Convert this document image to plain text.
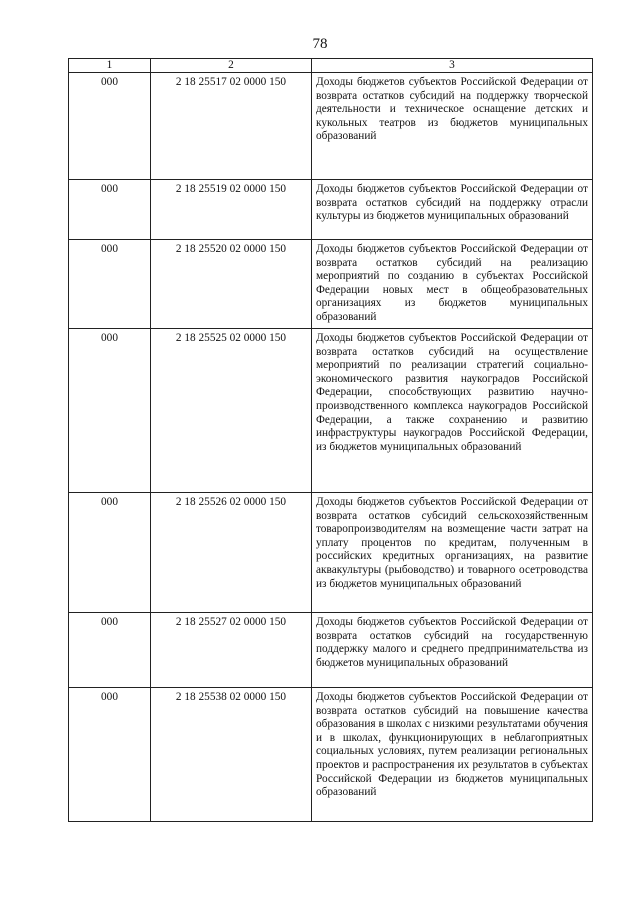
78
1	2	3
000	2 18 25517 02 0000 150	Доходы бюджетов субъектов Российской Федерации от возврата остатков субсидий на поддержку творческой деятельности и техническое оснащение детских и кукольных театров из бюджетов муниципальных образований
000	2 18 25519 02 0000 150	Доходы бюджетов субъектов Российской Федерации от возврата остатков субсидий на поддержку отрасли культуры из бюджетов муниципальных образований
000	2 18 25520 02 0000 150	Доходы бюджетов субъектов Российской Федерации от возврата остатков субсидий на реализацию мероприятий по созданию в субъектах Российской Федерации новых мест в общеобразовательных организациях из бюджетов муниципальных образований
000	2 18 25525 02 0000 150	Доходы бюджетов субъектов Российской Федерации от возврата остатков субсидий на осуществление мероприятий по реализации стратегий социально-экономического развития наукоградов Российской Федерации, способствующих развитию научно-производственного комплекса наукоградов Российской Федерации, а также сохранению и развитию инфраструктуры наукоградов Российской Федерации, из бюджетов муниципальных образований
000	2 18 25526 02 0000 150	Доходы бюджетов субъектов Российской Федерации от возврата остатков субсидий сельскохозяйственным товаропроизводителям на возмещение части затрат на уплату процентов по кредитам, полученным в российских кредитных организациях, на развитие аквакультуры (рыбоводство) и товарного осетроводства из бюджетов муниципальных образований
000	2 18 25527 02 0000 150	Доходы бюджетов субъектов Российской Федерации от возврата остатков субсидий на государственную поддержку малого и среднего предпринимательства из бюджетов муниципальных образований
000	2 18 25538 02 0000 150	Доходы бюджетов субъектов Российской Федерации от возврата остатков субсидий на повышение качества образования в школах с низкими результатами обучения и в школах, функционирующих в неблагоприятных социальных условиях, путем реализации региональных проектов и распространения их результатов в субъектах Российской Федерации из бюджетов муниципальных образований
